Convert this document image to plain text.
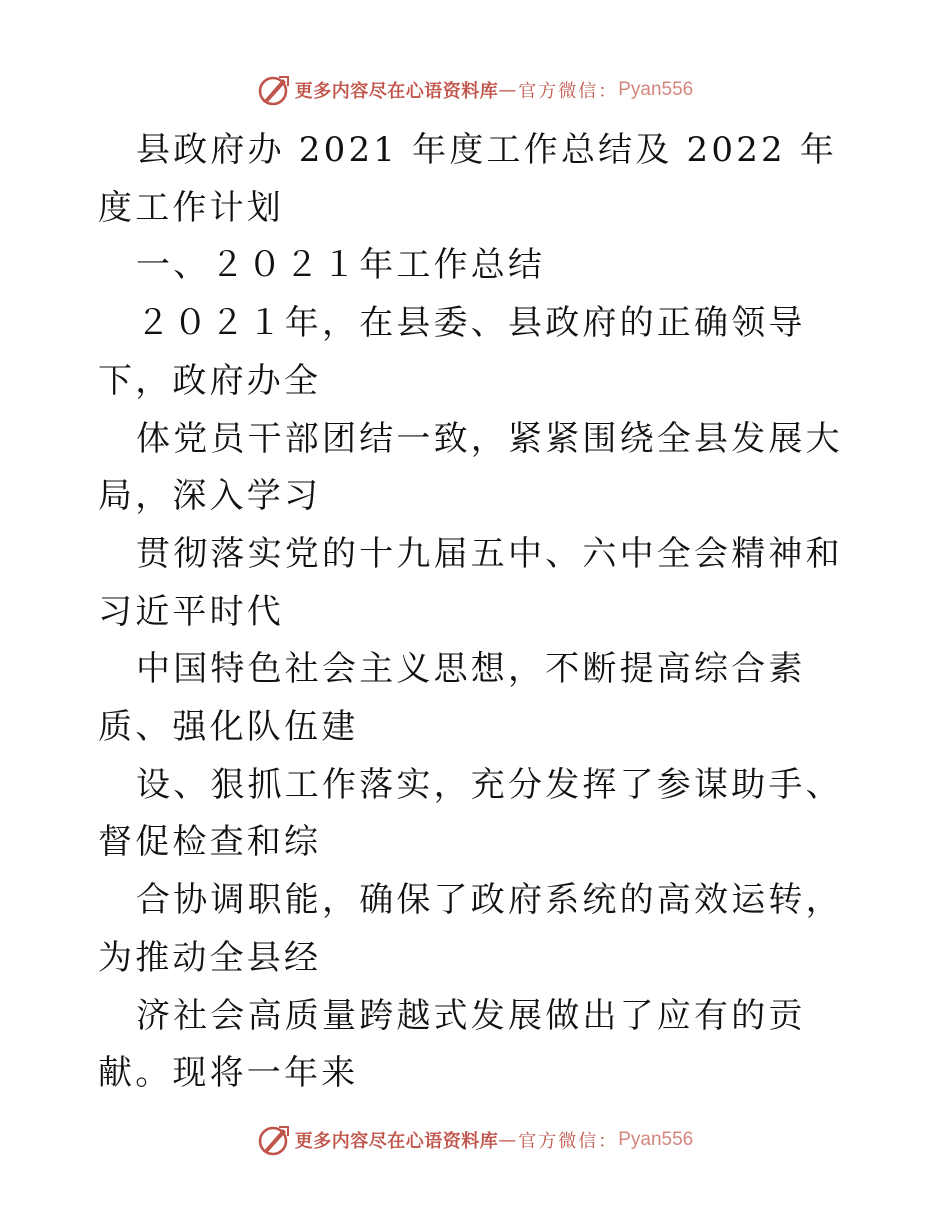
更多内容尽在心语资料库 — 官方微信： Pyan556

县政府办 2021 年度工作总结及 2022 年度工作计划

一、２０２１年工作总结

２０２１年，在县委、县政府的正确领导下，政府办全

体党员干部团结一致，紧紧围绕全县发展大局，深入学习

贯彻落实党的十九届五中、六中全会精神和习近平时代

中国特色社会主义思想，不断提高综合素质、强化队伍建

设、狠抓工作落实，充分发挥了参谋助手、督促检查和综

合协调职能，确保了政府系统的高效运转，为推动全县经

济社会高质量跨越式发展做出了应有的贡献。现将一年来

更多内容尽在心语资料库 — 官方微信： Pyan556
